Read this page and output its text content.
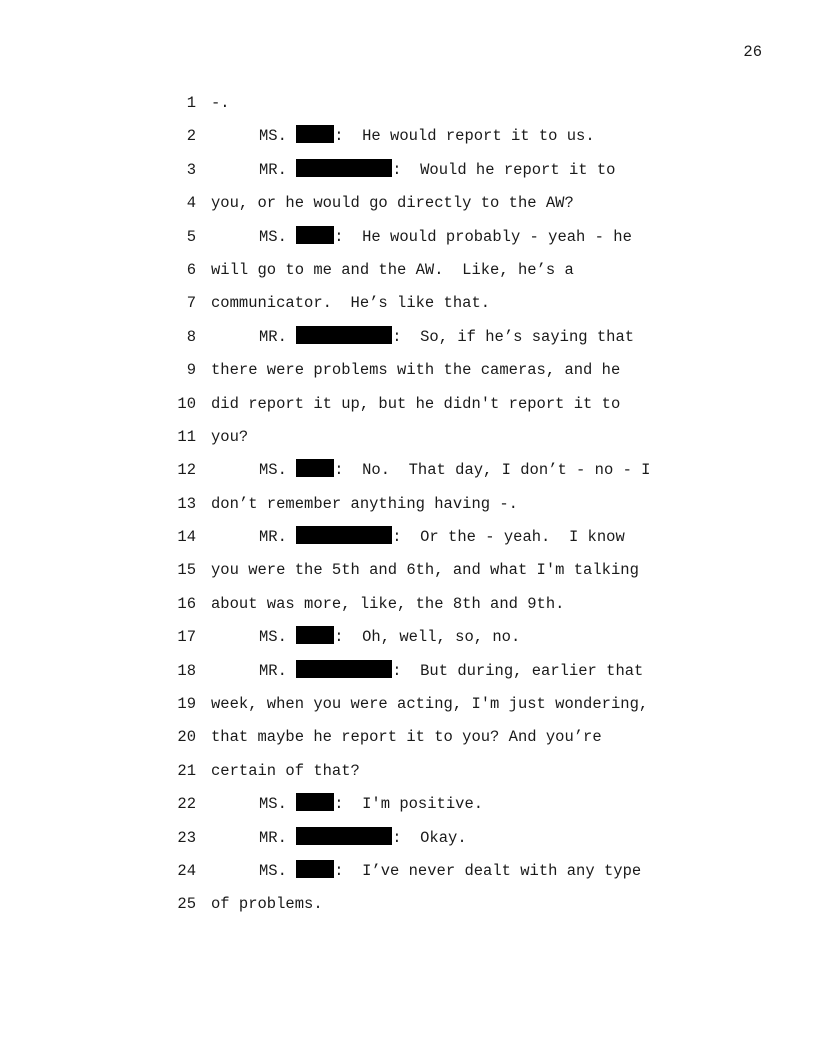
26
1 -.
2	MS.	:  He would report it to us.
3	MR.	:  Would he report it to
4 you, or he would go directly to the AW?
5	MS.	:  He would probably - yeah - he
6 will go to me and the AW.  Like, he’s a
7 communicator.  He’s like that.
8	MR.	:  So, if he’s saying that
9 there were problems with the cameras, and he
10 did report it up, but he didn't report it to
11 you?
12	MS.	:  No.  That day, I don’t - no - I
13 don’t remember anything having -.
14	MR.	:  Or the - yeah.  I know
15 you were the 5th and 6th, and what I'm talking
16 about was more, like, the 8th and 9th.
17	MS.	:  Oh, well, so, no.
18	MR.	:  But during, earlier that
19 week, when you were acting, I'm just wondering,
20 that maybe he report it to you? And you’re
21 certain of that?
22	MS.	:  I'm positive.
23	MR.	:  Okay.
24	MS.	:  I’ve never dealt with any type
25 of problems.
